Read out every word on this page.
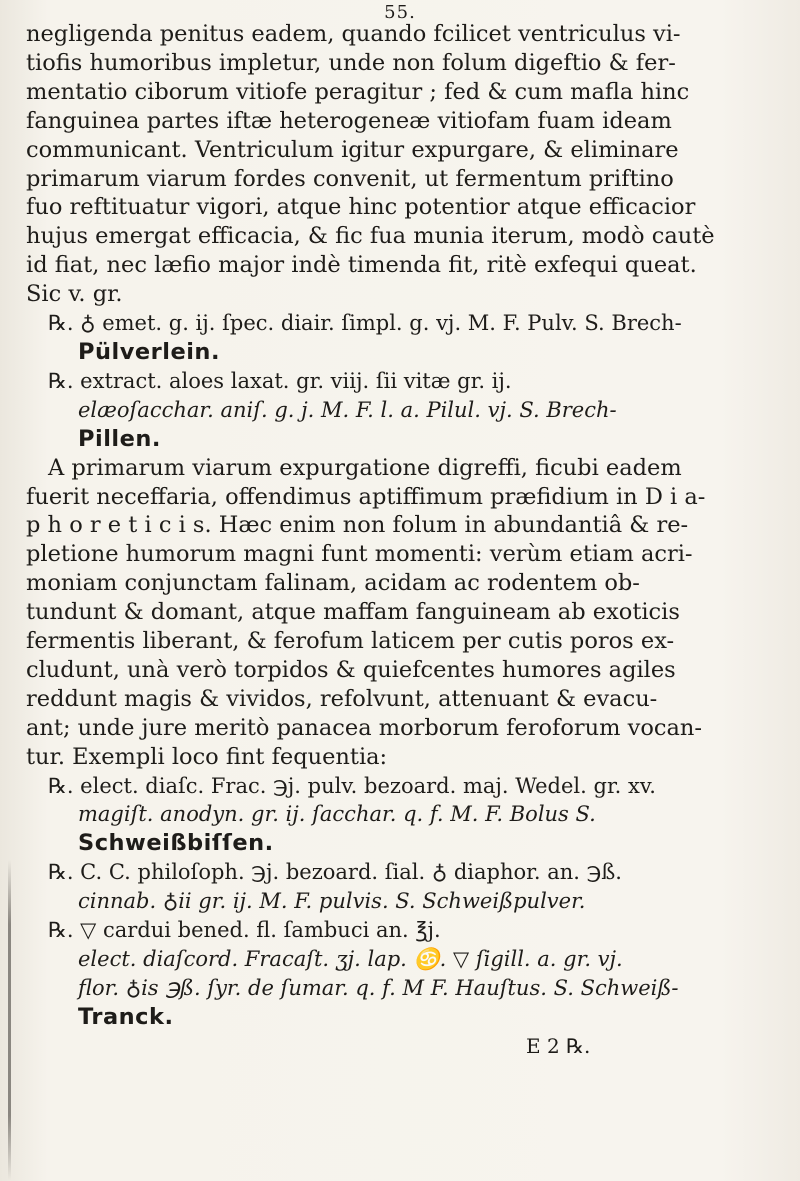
55.
negligenda penitus eadem, quando fcilicet ventriculus vi-
tiofis humoribus impletur, unde non folum digeftio & fer-
mentatio ciborum vitiofe peragitur ; fed & cum mafla hinc
fanguinea partes iftæ heterogeneæ vitiofam fuam ideam
communicant. Ventriculum igitur expurgare, & eliminare
primarum viarum fordes convenit, ut fermentum priftino
fuo reftituatur vigori, atque hinc potentior atque efficacior
hujus emergat efficacia, & fic fua munia iterum, modò cautè
id fiat, nec læfio major indè timenda fit, ritè exfequi queat.
Sic v. gr.
℞. ♁ emet. g. ij. ſpec. diair. ſimpl. g. vj. M. F. Pulv. S. Brech-
Pülverlein.
℞. extract. aloes laxat. gr. viij. ſii vitæ gr. ij.
elæoſacchar. aniſ. g. j. M. F. l. a. Pilul. vj. S. Brech-
Pillen.
A primarum viarum expurgatione digreffi, ficubi eadem
fuerit neceffaria, offendimus aptiffimum præfidium in D i a-
p h o r e t i c i s. Hæc enim non folum in abundantiâ & re-
pletione humorum magni funt momenti: verùm etiam acri-
moniam conjunctam falinam, acidam ac rodentem ob-
tundunt & domant, atque maffam fanguineam ab exoticis
fermentis liberant, & ferofum laticem per cutis poros ex-
cludunt, unà verò torpidos & quiefcentes humores agiles
reddunt magis & vividos, refolvunt, attenuant & evacu-
ant; unde jure meritò panacea morborum feroforum vocan-
tur. Exempli loco fint fequentia:
℞. elect. diaſc. Frac. ℈j. pulv. bezoard. maj. Wedel. gr. xv.
magiſt. anodyn. gr. ij. ſacchar. q. f. M. F. Bolus S.
Schweißbiſſen.
℞. C. C. philoſoph. ℈j. bezoard. ſial. ♁ diaphor. an. ℈ß.
cinnab. ♁ii gr. ij. M. F. pulvis. S. Schweißpulver.
℞. ▽ cardui bened. fl. ſambuci an. ℥j.
elect. diaſcord. Fracaſt. ʒj. lap. ♋. ▽ ſigill. a. gr. vj.
flor. ♁is ℈ß. ſyr. de ſumar. q. f. M F. Hauſtus. S. Schweiß-
Tranck.
E 2 ℞.
